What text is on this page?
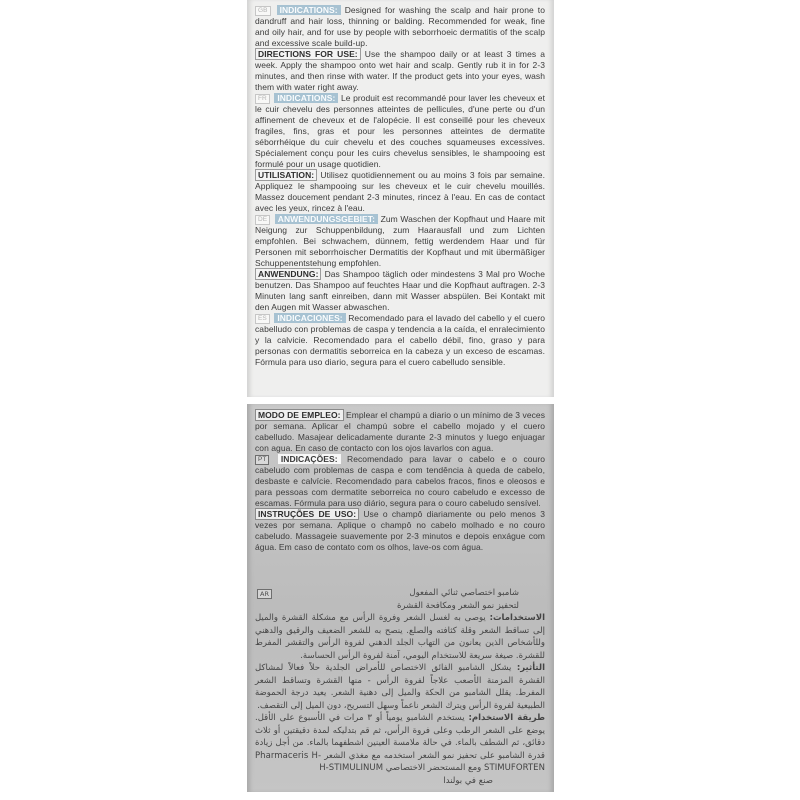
GB INDICATIONS: Designed for washing the scalp and hair prone to dandruff and hair loss, thinning or balding. Recommended for weak, fine and oily hair, and for use by people with seborrhoeic dermatitis of the scalp and excessive scale build-up.

DIRECTIONS FOR USE: Use the shampoo daily or at least 3 times a week. Apply the shampoo onto wet hair and scalp. Gently rub it in for 2-3 minutes, and then rinse with water. If the product gets into your eyes, wash them with water right away.

FR INDICATIONS: Le produit est recommandé pour laver les cheveux et le cuir chevelu des personnes atteintes de pellicules, d'une perte ou d'un affinement de cheveux et de l'alopécie. Il est conseillé pour les cheveux fragiles, fins, gras et pour les personnes atteintes de dermatite séborrhéique du cuir chevelu et des couches squameuses excessives. Spécialement conçu pour les cuirs chevelus sensibles, le shampooing est formulé pour un usage quotidien.

UTILISATION: Utilisez quotidiennement ou au moins 3 fois par semaine. Appliquez le shampooing sur les cheveux et le cuir chevelu mouillés. Massez doucement pendant 2-3 minutes, rincez à l'eau. En cas de contact avec les yeux, rincez à l'eau.

DE ANWENDUNGSGEBIET: Zum Waschen der Kopfhaut und Haare mit Neigung zur Schuppenbildung, zum Haarausfall und zum Lichten empfohlen. Bei schwachem, dünnem, fettig werdendem Haar und für Personen mit seborrhoischer Dermatitis der Kopfhaut und mit übermäßiger Schuppenentstehung empfohlen.

ANWENDUNG: Das Shampoo täglich oder mindestens 3 Mal pro Woche benutzen. Das Shampoo auf feuchtes Haar und die Kopfhaut auftragen. 2-3 Minuten lang sanft einreiben, dann mit Wasser abspülen. Bei Kontakt mit den Augen mit Wasser abwaschen.

ES INDICACIONES: Recomendado para el lavado del cabello y el cuero cabelludo con problemas de caspa y tendencia a la caída, el enralecimiento y la calvicie. Recomendado para el cabello débil, fino, graso y para personas con dermatitis seborreica en la cabeza y un exceso de escamas. Fórmula para uso diario, segura para el cuero cabelludo sensible.

MODO DE EMPLEO: Emplear el champú a diario o un mínimo de 3 veces por semana. Aplicar el champú sobre el cabello mojado y el cuero cabelludo. Masajear delicadamente durante 2-3 minutos y luego enjuagar con agua. En caso de contacto con los ojos lavarlos con agua.

PT INDICAÇÕES: Recomendado para lavar o cabelo e o couro cabeludo com problemas de caspa e com tendência à queda de cabelo, desbaste e calvície. Recomendado para cabelos fracos, finos e oleosos e para pessoas com dermatite seborreica no couro cabeludo e excesso de escamas. Fórmula para uso diário, segura para o couro cabeludo sensível.

INSTRUÇÕES DE USO: Use o champô diariamente ou pelo menos 3 vezes por semana. Aplique o champô no cabelo molhado e no couro cabeludo. Massageie suavemente por 2-3 minutos e depois enxágue com água. Em caso de contato com os olhos, lave-os com água.

AR	شامبو اختصاصي ثنائي المفعول
لتحفيز نمو الشعر ومكافحة القشرة

الاستخدامات: يوصى به لغسل الشعر وفروة الرأس مع مشكلة القشرة والميل إلى تساقط الشعر وقلة كثافته والصلع. ينصح به للشعر الضعيف والرقيق والدهني وللأشخاص الذين يعانون من التهاب الجلد الدهني لفروة الرأس والتقشر المفرط للقشرة. صيغة سريعة للاستخدام اليومي، آمنة لفروة الرأس الحساسة.

التأثير: يشكل الشامبو الفائق الاختصاص للأمراض الجلدية حلاً فعالاً لمشاكل القشرة المزمنة الأصعب علاجاً لفروة الرأس - منها القشرة وتساقط الشعر المفرط. يقلل الشامبو من الحكة والميل إلى دهنية الشعر. يعيد درجة الحموضة الطبيعية لفروة الرأس ويترك الشعر ناعماً وسهل التسريح، دون الميل إلى التقصف.

طريقة الاستخدام: يستخدم الشامبو يومياً أو ٣ مرات في الأسبوع على الأقل. يوضع على الشعر الرطب وعلى فروة الرأس، ثم قم بتدليكه لمدة دقيقتين أو ثلاث دقائق، ثم الشطف بالماء. في حالة ملامسة العينين اشطفهما بالماء. من أجل زيادة قدرة الشامبو على تحفيز نمو الشعر استخدمه مع مغذي الشعر Pharmaceris H-STIMUFORTEN ومع المستحضر الاختصاصي H-STIMULINUM

صنع في بولندا
